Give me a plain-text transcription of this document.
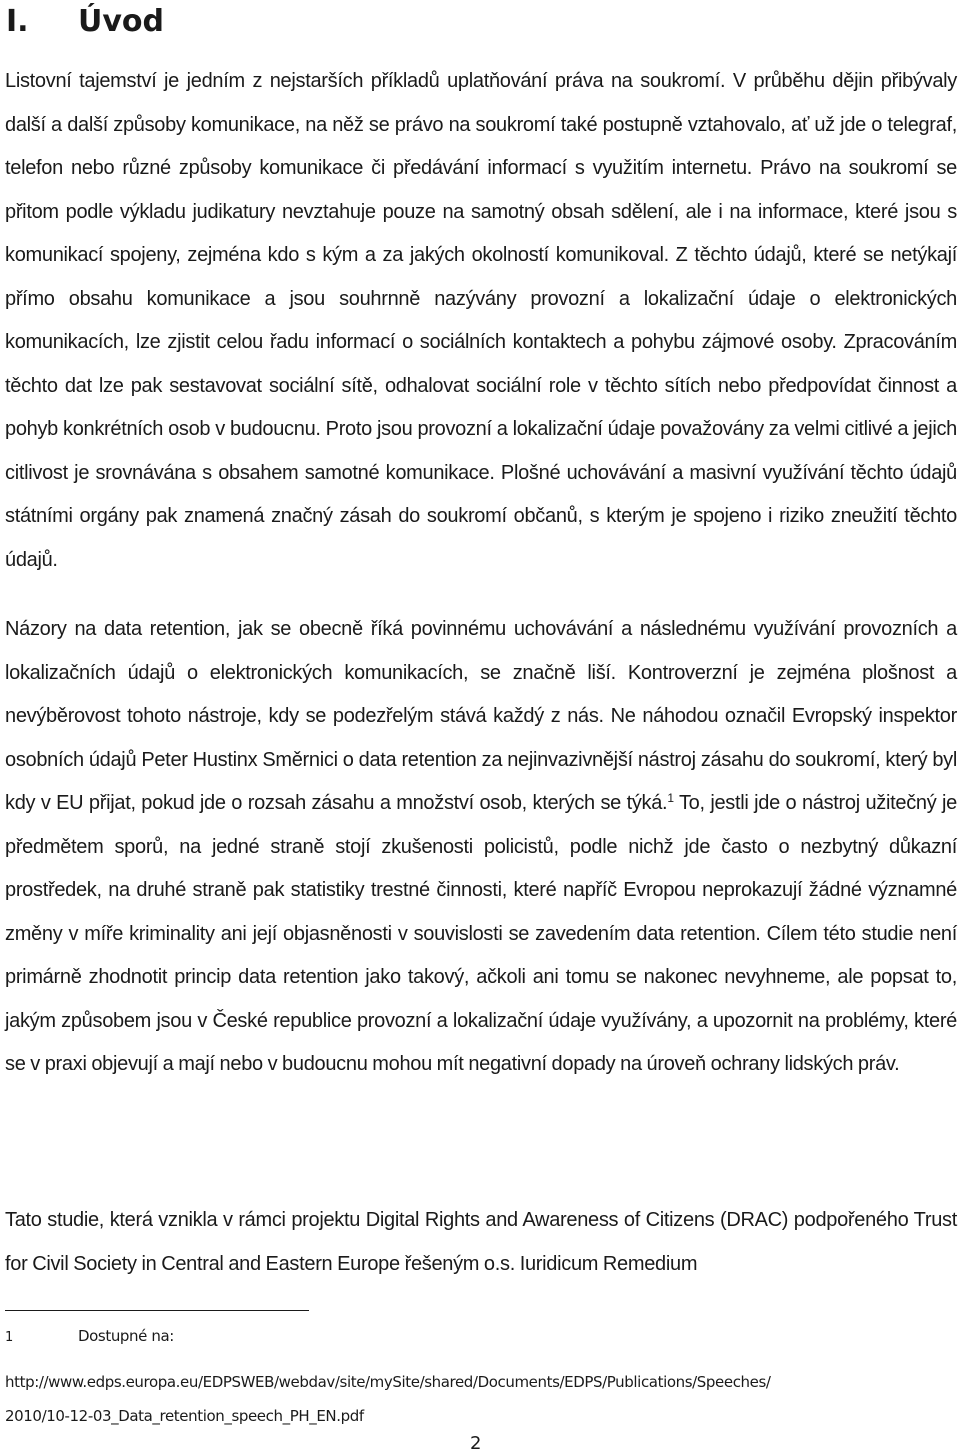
I. Úvod

Listovní tajemství je jedním z nejstarších příkladů uplatňování práva na soukromí. V průběhu dějin přibývaly další a další způsoby komunikace, na něž se právo na soukromí také postupně vztahovalo, ať už jde o telegraf, telefon nebo různé způsoby komunikace či předávání informací s využitím internetu. Právo na soukromí se přitom podle výkladu judikatury nevztahuje pouze na samotný obsah sdělení, ale i na informace, které jsou s komunikací spojeny, zejména kdo s kým a za jakých okolností komunikoval. Z těchto údajů, které se netýkají přímo obsahu komunikace a jsou souhrnně nazývány provozní a lokalizační údaje o elektronických komunikacích, lze zjistit celou řadu informací o sociálních kontaktech a pohybu zájmové osoby. Zpracováním těchto dat lze pak sestavovat sociální sítě, odhalovat sociální role v těchto sítích nebo předpovídat činnost a pohyb konkrétních osob v budoucnu. Proto jsou provozní a lokalizační údaje považovány za velmi citlivé a jejich citlivost je srovnávána s obsahem samotné komunikace. Plošné uchovávání a masivní využívání těchto údajů státními orgány pak znamená značný zásah do soukromí občanů, s kterým je spojeno i riziko zneužití těchto údajů.

Názory na data retention, jak se obecně říká povinnému uchovávání a následnému využívání provozních a lokalizačních údajů o elektronických komunikacích, se značně liší. Kontroverzní je zejména plošnost a nevýběrovost tohoto nástroje, kdy se podezřelým stává každý z nás. Ne náhodou označil Evropský inspektor osobních údajů Peter Hustinx Směrnici o data retention za nejinvazivnější nástroj zásahu do soukromí, který byl kdy v EU přijat, pokud jde o rozsah zásahu a množství osob, kterých se týká.$^1$ To, jestli jde o nástroj užitečný je předmětem sporů, na jedné straně stojí zkušenosti policistů, podle nichž jde často o nezbytný důkazní prostředek, na druhé straně pak statistiky trestné činnosti, které napříč Evropou neprokazují žádné významné změny v míře kriminality ani její objasněnosti v souvislosti se zavedením data retention. Cílem této studie není primárně zhodnotit princip data retention jako takový, ačkoli ani tomu se nakonec nevyhneme, ale popsat to, jakým způsobem jsou v České republice provozní a lokalizační údaje využívány, a upozornit na problémy, které se v praxi objevují a mají nebo v budoucnu mohou mít negativní dopady na úroveň ochrany lidských práv.

Tato studie, která vznikla v rámci projektu Digital Rights and Awareness of Citizens (DRAC) podpořeného Trust for Civil Society in Central and Eastern Europe řešeným o.s. Iuridicum Remedium

1	Dostupné na:
http://www.edps.europa.eu/EDPSWEB/webdav/site/mySite/shared/Documents/EDPS/Publications/Speeches/
2010/10-12-03_Data_retention_speech_PH_EN.pdf
2
